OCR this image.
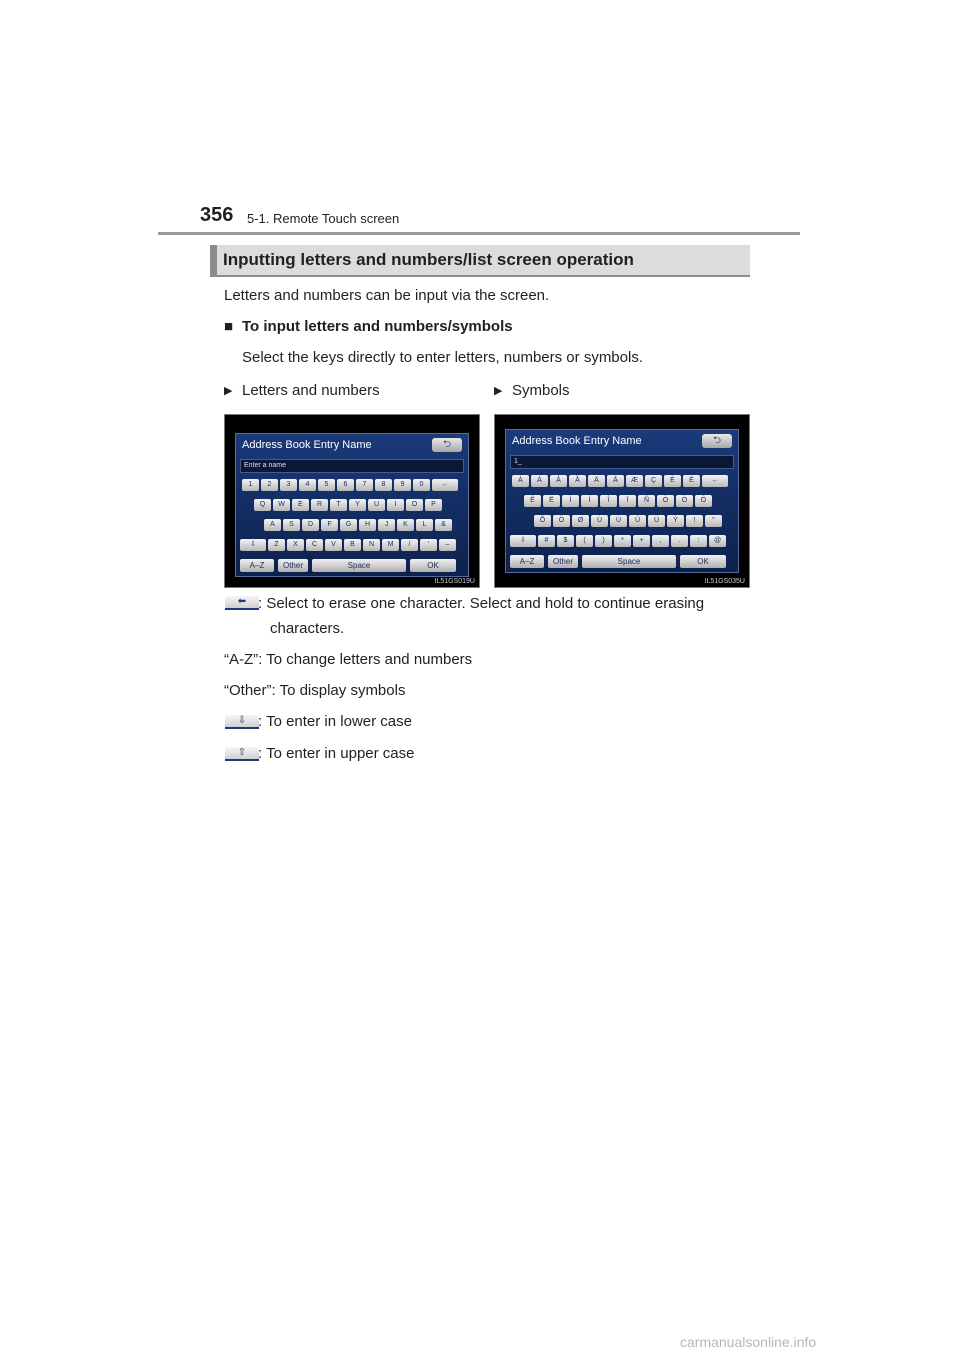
356 5-1. Remote Touch screen
Inputting letters and numbers/list screen operation
Letters and numbers can be input via the screen.
■ To input letters and numbers/symbols
Select the keys directly to enter letters, numbers or symbols.
▶ Letters and numbers	▶ Symbols
Address Book Entry Name	⮌
Enter a name
1	2	3	4	5	6	7	8	9	0	←
Q	W	E	R	T	Y	U	I	O	P
A	S	D	F	G	H	J	K	L	&
⇩	Z	X	C	V	B	N	M	/	'	–
A–Z	Other	Space	OK
IL51GS019U
Address Book Entry Name	⮌
1_
À	Á	Â	Ã	Ä	Å	Æ	Ç	È	É	←
Ê	Ë	Ì	Í	Î	Ï	Ñ	Ò	Ó	Ô
Õ	Ö	Ø	Ù	Ú	Û	Ü	Ý	!	"
⇩	#	$	(	)	*	+	,	.	:	@
A–Z	Other	Space	OK
IL51GS035U
⬅ : Select to erase one character. Select and hold to continue erasing
characters.
“A-Z”: To change letters and numbers
“Other”: To display symbols
⇩ : To enter in lower case
⇧ : To enter in upper case
carmanualsonline.info
